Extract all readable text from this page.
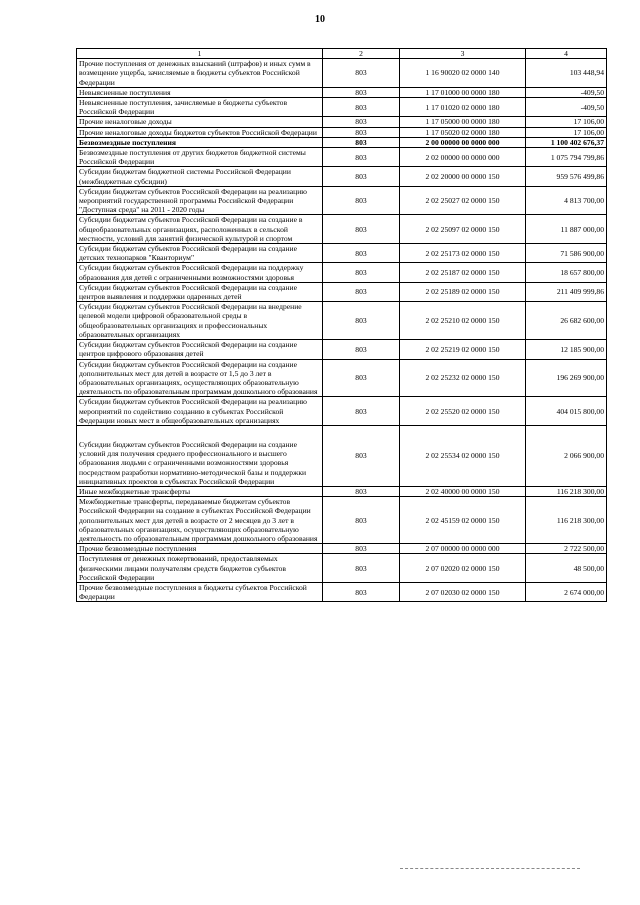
10
1	2	3	4
Прочие поступления от денежных взысканий (штрафов) и иных сумм в возмещение ущерба, зачисляемые в бюджеты субъектов Российской Федерации	803	1 16 90020 02 0000 140	103 448,94
Невыясненные поступления	803	1 17 01000 00 0000 180	-409,50
Невыясненные поступления, зачисляемые в бюджеты субъектов Российской Федерации	803	1 17 01020 02 0000 180	-409,50
Прочие неналоговые доходы	803	1 17 05000 00 0000 180	17 106,00
Прочие неналоговые доходы бюджетов субъектов Российской Федерации	803	1 17 05020 02 0000 180	17 106,00
Безвозмездные поступления	803	2 00 00000 00 0000 000	1 100 402 676,37
Безвозмездные поступления от других бюджетов бюджетной системы Российской Федерации	803	2 02 00000 00 0000 000	1 075 794 799,86
Субсидии бюджетам бюджетной системы Российской Федерации (межбюджетные субсидии)	803	2 02 20000 00 0000 150	959 576 499,86
Субсидии бюджетам субъектов Российской Федерации на реализацию мероприятий государственной программы Российской Федерации "Доступная среда" на 2011 - 2020 годы	803	2 02 25027 02 0000 150	4 813 700,00
Субсидии бюджетам субъектов Российской Федерации на создание в общеобразовательных организациях, расположенных в сельской местности, условий для занятий физической культурой и спортом	803	2 02 25097 02 0000 150	11 887 000,00
Субсидии бюджетам субъектов Российской Федерации на создание детских технопарков "Кванториум"	803	2 02 25173 02 0000 150	71 586 900,00
Субсидии бюджетам субъектов Российской Федерации на поддержку образования для детей с ограниченными возможностями здоровья	803	2 02 25187 02 0000 150	18 657 800,00
Субсидии бюджетам субъектов Российской Федерации на создание центров выявления и поддержки одаренных детей	803	2 02 25189 02 0000 150	211 409 999,86
Субсидии бюджетам субъектов Российской Федерации на внедрение целевой модели цифровой образовательной среды в общеобразовательных организациях и профессиональных образовательных организациях	803	2 02 25210 02 0000 150	26 682 600,00
Субсидии бюджетам субъектов Российской Федерации на создание центров цифрового образования детей	803	2 02 25219 02 0000 150	12 185 900,00
Субсидии бюджетам субъектов Российской Федерации на создание дополнительных мест для детей в возрасте от 1,5 до 3 лет в образовательных организациях, осуществляющих образовательную деятельность по образовательным программам дошкольного образования	803	2 02 25232 02 0000 150	196 269 900,00
Субсидии бюджетам субъектов Российской Федерации на реализацию мероприятий по содействию созданию в субъектах Российской Федерации новых мест в общеобразовательных организациях	803	2 02 25520 02 0000 150	404 015 800,00
Субсидии бюджетам субъектов Российской Федерации на создание условий для получения среднего профессионального и высшего образования людьми с ограниченными возможностями здоровья посредством разработки нормативно-методической базы и поддержки инициативных проектов в субъектах Российской Федерации	803	2 02 25534 02 0000 150	2 066 900,00
Иные межбюджетные трансферты	803	2 02 40000 00 0000 150	116 218 300,00
Межбюджетные трансферты, передаваемые бюджетам субъектов Российской Федерации на создание в субъектах Российской Федерации дополнительных мест для детей в возрасте от 2 месяцев до 3 лет в образовательных организациях, осуществляющих образовательную деятельность по образовательным программам дошкольного образования	803	2 02 45159 02 0000 150	116 218 300,00
Прочие безвозмездные поступления	803	2 07 00000 00 0000 000	2 722 500,00
Поступления от денежных пожертвований, предоставляемых физическими лицами получателям средств бюджетов субъектов Российской Федерации	803	2 07 02020 02 0000 150	48 500,00
Прочие безвозмездные поступления в бюджеты субъектов Российской Федерации	803	2 07 02030 02 0000 150	2 674 000,00
